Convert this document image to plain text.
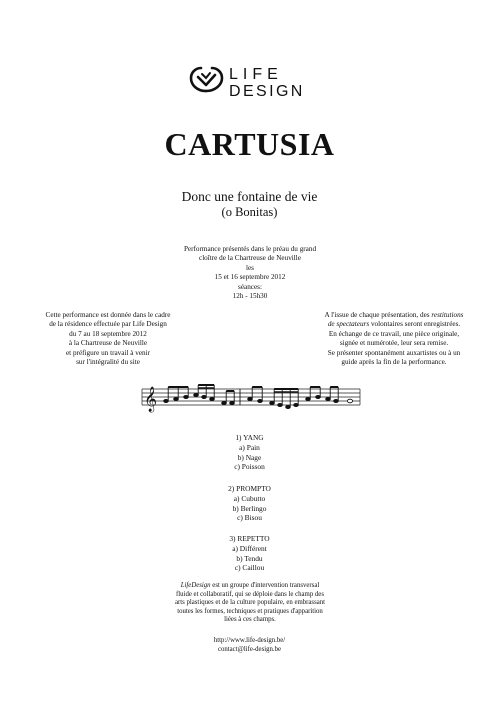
LIFE
DESIGN
CARTUSIA
Donc une fontaine de vie
(o Bonitas)
Performance présentés dans le préau du grand
cloître de la Chartreuse de Neuville
les
15 et 16 septembre 2012
séances:
12h - 15h30
Cette performance est donnée dans le cadre
de la résidence effectuée par Life Design
du 7 au 18 septembre 2012
à la Chartreuse de Neuville
et préfigure un travail à venir
sur l'intégralité du site
A l'issue de chaque présentation, des restitutions
de spectateurs volontaires seront enregistrées.
En échange de ce travail, une pièce originale,
signée et numérotée, leur sera remise.
Se présenter spontanément auxartistes ou à un
guide après la fin de la performance.
𝄞
1) YANG
a) Pain
b) Nage
c) Poisson
2) PROMPTO
a) Cubutto
b) Berlingo
c) Bisou
3) REPETTO
a) Différent
b) Tendu
c) Caillou
LifeDesign est un groupe d'intervention transversal
fluide et collaboratif, qui se déploie dans le champ des
arts plastiques et de la culture populaire, en embrassant
toutes les formes, techniques et pratiques d'apparition
liées à ces champs.
http://www.life-design.be/
contact@life-design.be
